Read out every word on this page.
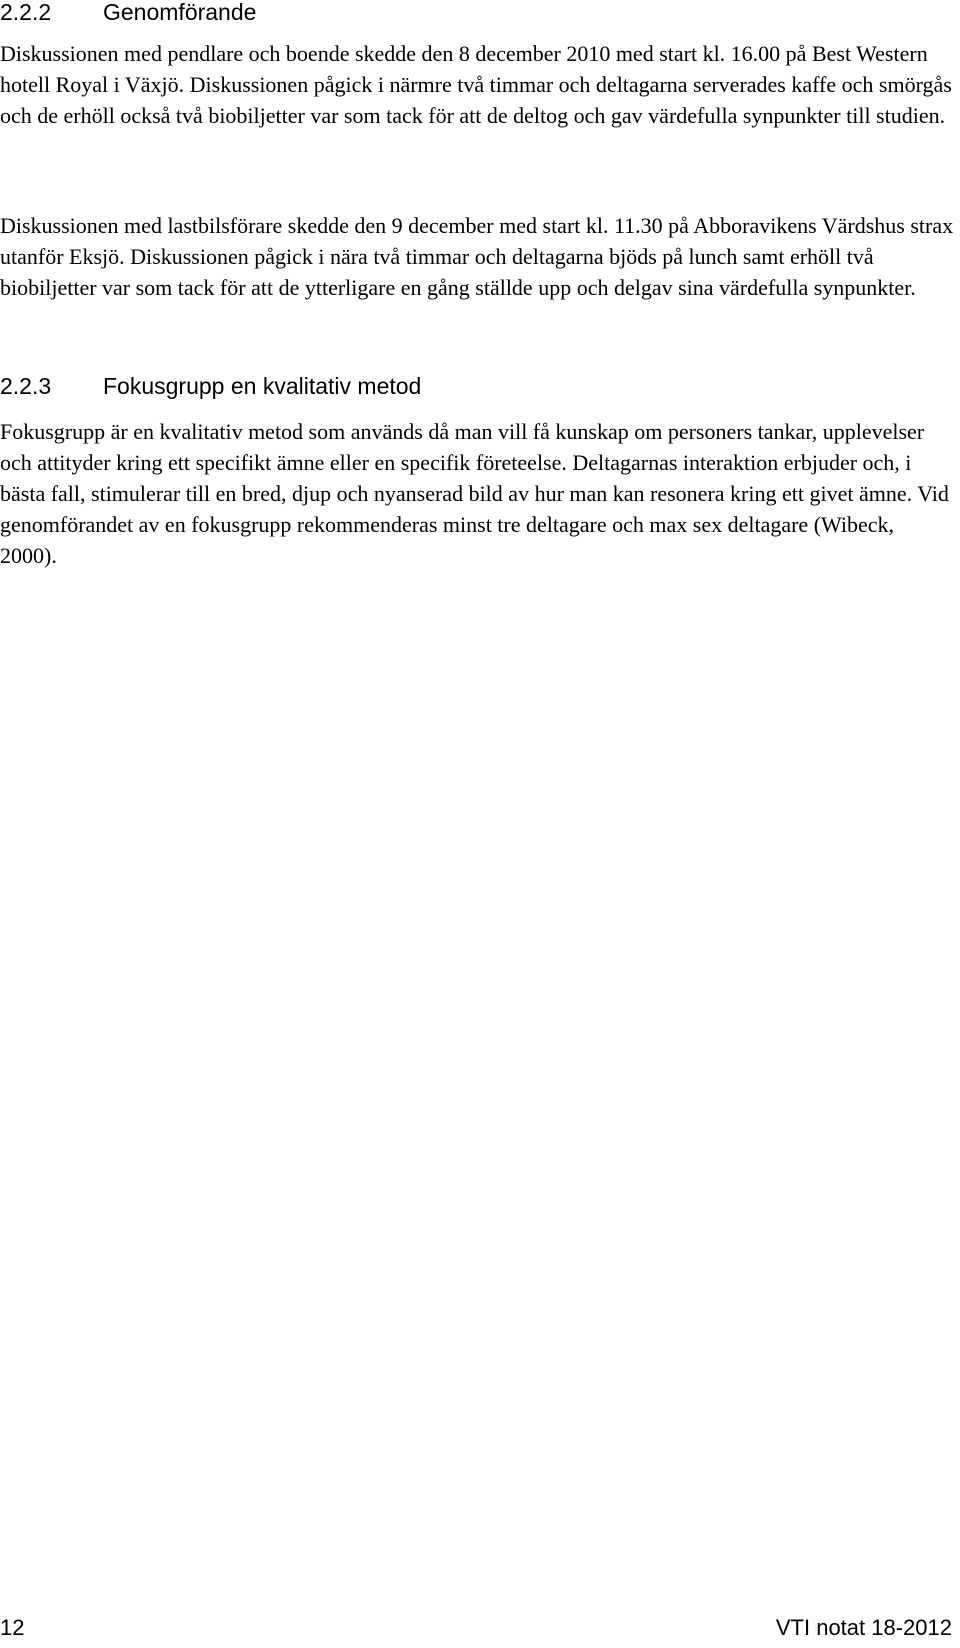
2.2.2 Genomförande

Diskussionen med pendlare och boende skedde den 8 december 2010 med start kl. 16.00 på Best Western hotell Royal i Växjö. Diskussionen pågick i närmre två timmar och deltagarna serverades kaffe och smörgås och de erhöll också två biobiljetter var som tack för att de deltog och gav värdefulla synpunkter till studien.

Diskussionen med lastbilsförare skedde den 9 december med start kl. 11.30 på Abboravikens Värdshus strax utanför Eksjö. Diskussionen pågick i nära två timmar och deltagarna bjöds på lunch samt erhöll två biobiljetter var som tack för att de ytterligare en gång ställde upp och delgav sina värdefulla synpunkter.

2.2.3 Fokusgrupp en kvalitativ metod

Fokusgrupp är en kvalitativ metod som används då man vill få kunskap om personers tankar, upplevelser och attityder kring ett specifikt ämne eller en specifik företeelse. Deltagarnas interaktion erbjuder och, i bästa fall, stimulerar till en bred, djup och nyanserad bild av hur man kan resonera kring ett givet ämne. Vid genomförandet av en fokusgrupp rekommenderas minst tre deltagare och max sex deltagare (Wibeck, 2000).

12	VTI notat 18-2012
